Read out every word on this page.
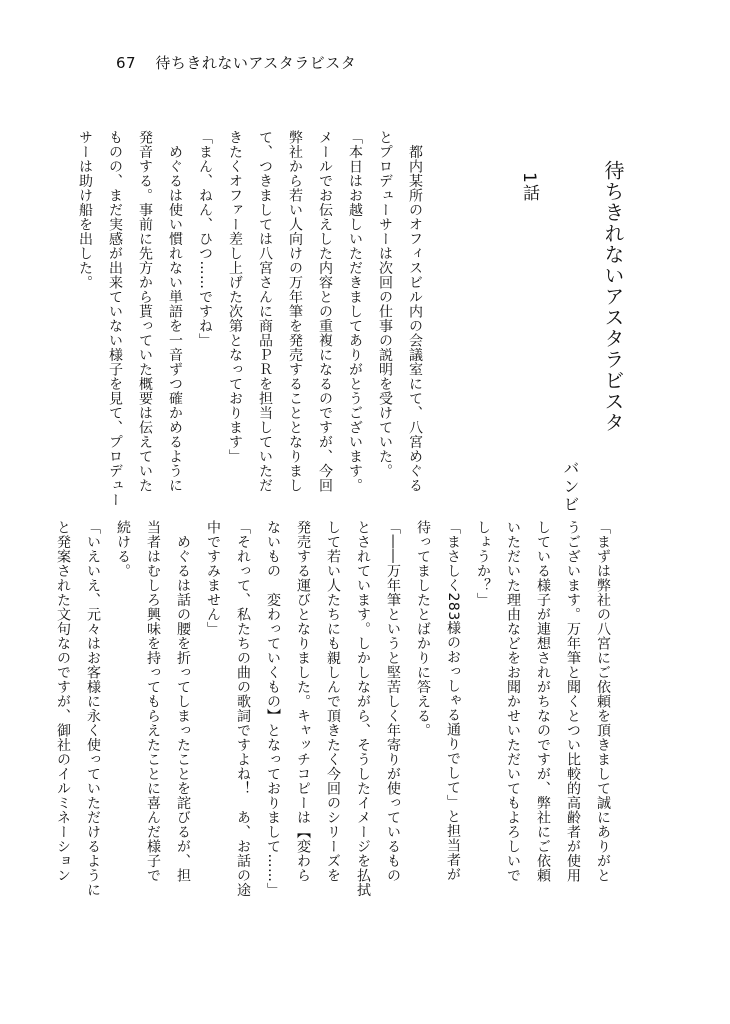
67 待ちきれないアスタラビスタ
待ちきれないアスタラビスタ
バンビ
1話

　都内某所のオフィスビル内の会議室にて、八宮めぐる

とプロデューサーは次回の仕事の説明を受けていた。

「本日はお越しいただきましてありがとうございます。

メールでお伝えした内容との重複になるのですが、今回

弊社から若い人向けの万年筆を発売することとなりまし

て、つきましては八宮さんに商品ＰＲを担当していただ

きたくオファー差し上げた次第となっております」

「まん、ねん、ひつ……ですね」

　めぐるは使い慣れない単語を一音ずつ確かめるように

発音する。事前に先方から貰っていた概要は伝えていた

ものの、まだ実感が出来ていない様子を見て、プロデュー

サーは助け船を出した。

「まずは弊社の八宮にご依頼を頂きまして誠にありがと

うございます。万年筆と聞くとつい比較的高齢者が使用

している様子が連想されがちなのですが、弊社にご依頼

いただいた理由などをお聞かせいただいてもよろしいで

しょうか？」

「まさしく283様のおっしゃる通りでして」と担当者が

待ってましたとばかりに答える。

「――万年筆というと堅苦しく年寄りが使っているもの

とされています。しかしながら、そうしたイメージを払拭

して若い人たちにも親しんで頂きたく今回のシリーズを

発売する運びとなりました。キャッチコピーは【変わら

ないもの　変わっていくもの】となっておりまして……」

「それって、私たちの曲の歌詞ですよね！　あ、お話の途

中ですみません」

　めぐるは話の腰を折ってしまったことを詫びるが、担

当者はむしろ興味を持ってもらえたことに喜んだ様子で

続ける。

「いえいえ、元々はお客様に永く使っていただけるように

と発案された文句なのですが、御社のイルミネーション
